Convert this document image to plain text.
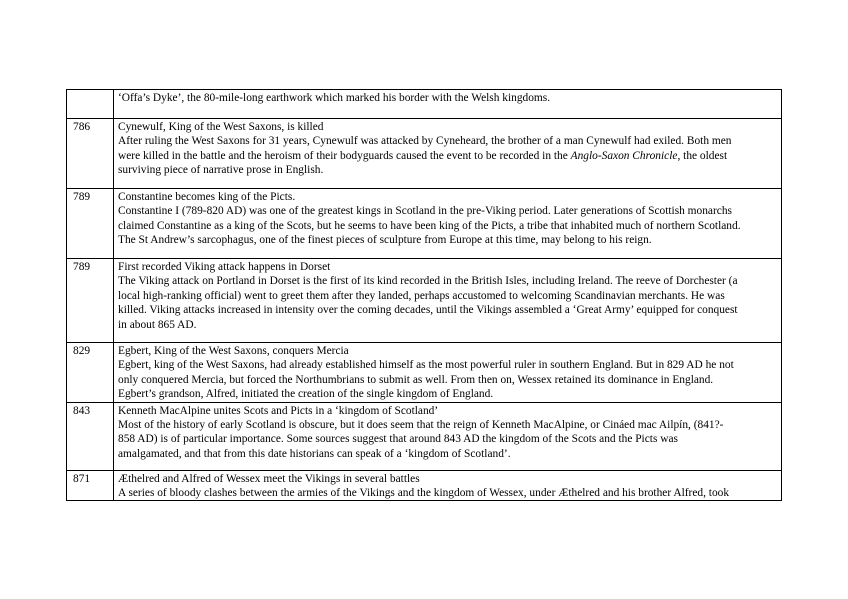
	‘Offa’s Dyke’, the 80-mile-long earthwork which marked his border with the Welsh kingdoms.

786	Cynewulf, King of the West Saxons, is killed
After ruling the West Saxons for 31 years, Cynewulf was attacked by Cyneheard, the brother of a man Cynewulf had exiled. Both men
were killed in the battle and the heroism of their bodyguards caused the event to be recorded in the Anglo-Saxon Chronicle, the oldest
surviving piece of narrative prose in English.

789	Constantine becomes king of the Picts.
Constantine I (789-820 AD) was one of the greatest kings in Scotland in the pre-Viking period. Later generations of Scottish monarchs
claimed Constantine as a king of the Scots, but he seems to have been king of the Picts, a tribe that inhabited much of northern Scotland.
The St Andrew’s sarcophagus, one of the finest pieces of sculpture from Europe at this time, may belong to his reign.

789	First recorded Viking attack happens in Dorset
The Viking attack on Portland in Dorset is the first of its kind recorded in the British Isles, including Ireland. The reeve of Dorchester (a
local high-ranking official) went to greet them after they landed, perhaps accustomed to welcoming Scandinavian merchants. He was
killed. Viking attacks increased in intensity over the coming decades, until the Vikings assembled a ‘Great Army’ equipped for conquest
in about 865 AD.

829	Egbert, King of the West Saxons, conquers Mercia
Egbert, king of the West Saxons, had already established himself as the most powerful ruler in southern England. But in 829 AD he not
only conquered Mercia, but forced the Northumbrians to submit as well. From then on, Wessex retained its dominance in England.
Egbert’s grandson, Alfred, initiated the creation of the single kingdom of England.

843	Kenneth MacAlpine unites Scots and Picts in a ‘kingdom of Scotland’
Most of the history of early Scotland is obscure, but it does seem that the reign of Kenneth MacAlpine, or Cináed mac Ailpín, (841?-
858 AD) is of particular importance. Some sources suggest that around 843 AD the kingdom of the Scots and the Picts was
amalgamated, and that from this date historians can speak of a ‘kingdom of Scotland’.

871	Æthelred and Alfred of Wessex meet the Vikings in several battles
A series of bloody clashes between the armies of the Vikings and the kingdom of Wessex, under Æthelred and his brother Alfred, took
